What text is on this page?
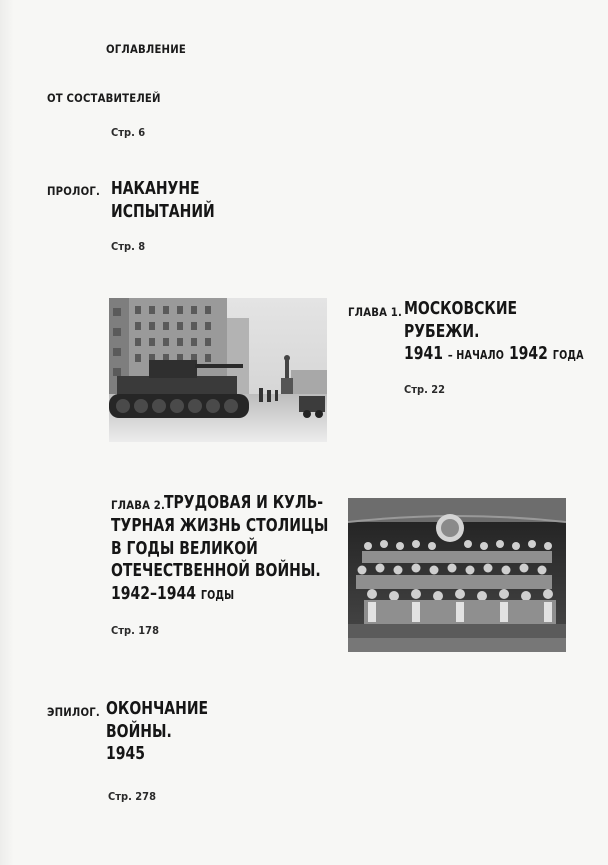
ОГЛАВЛЕНИЕ
ОТ СОСТАВИТЕЛЕЙ
Стр. 6
ПРОЛОГ. НАКАНУНЕ
ИСПЫТАНИЙ
Стр. 8
ГЛАВА 1. МОСКОВСКИЕ
РУБЕЖИ.
1941 – НАЧАЛО 1942 ГОДА
Стр. 22
ГЛАВА 2.
ТРУДОВАЯ И КУЛЬ-
ТУРНАЯ ЖИЗНЬ СТОЛИЦЫ
В ГОДЫ ВЕЛИКОЙ
ОТЕЧЕСТВЕННОЙ ВОЙНЫ.
1942–1944 ГОДЫ
Стр. 178
ЭПИЛОГ. ОКОНЧАНИЕ
ВОЙНЫ.
1945
Стр. 278
